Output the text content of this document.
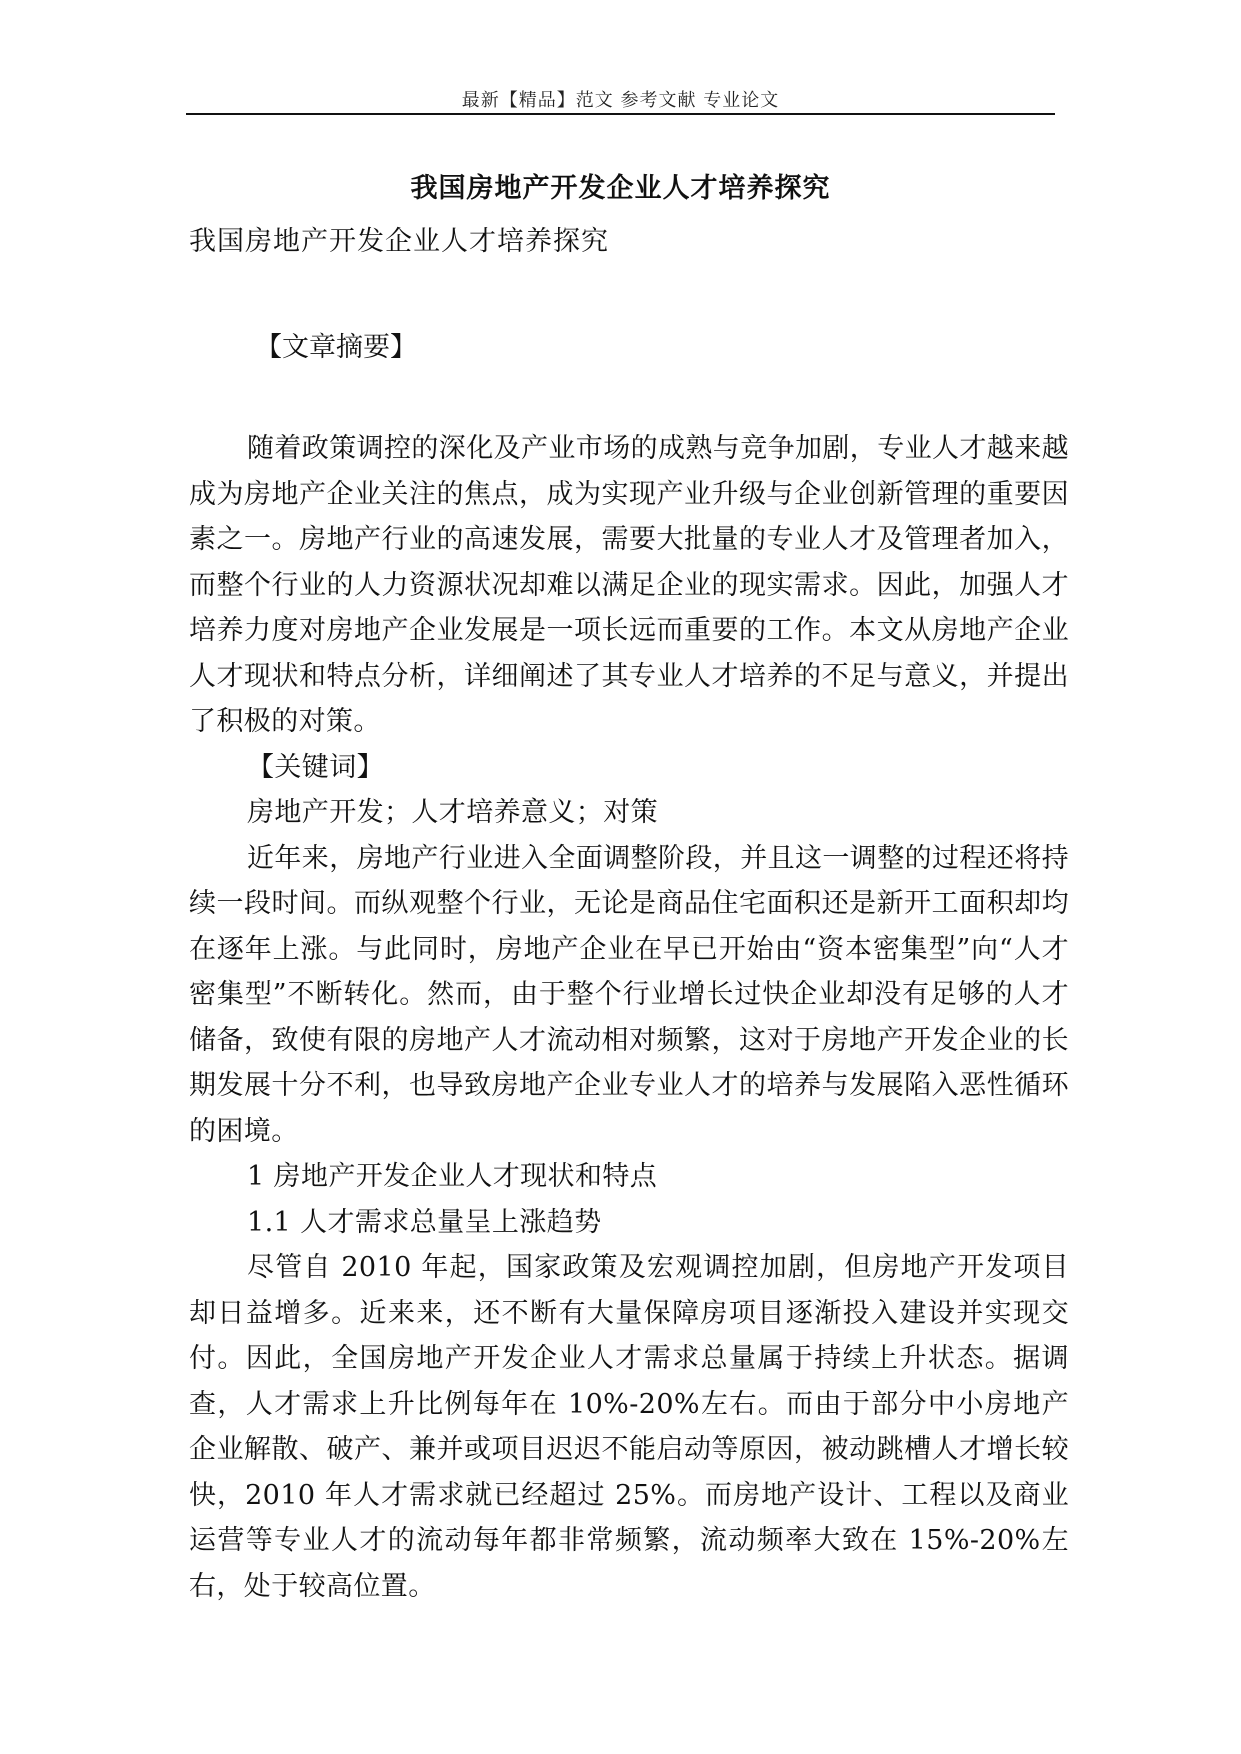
最新【精品】范文 参考文献 专业论文
我国房地产开发企业人才培养探究

我国房地产开发企业人才培养探究

【文章摘要】

随着政策调控的深化及产业市场的成熟与竞争加剧，专业人才越来越成为房地产企业关注的焦点，成为实现产业升级与企业创新管理的重要因素之一。房地产行业的高速发展，需要大批量的专业人才及管理者加入，而整个行业的人力资源状况却难以满足企业的现实需求。因此，加强人才培养力度对房地产企业发展是一项长远而重要的工作。本文从房地产企业人才现状和特点分析，详细阐述了其专业人才培养的不足与意义，并提出了积极的对策。

【关键词】

房地产开发；人才培养意义；对策

近年来，房地产行业进入全面调整阶段，并且这一调整的过程还将持续一段时间。而纵观整个行业，无论是商品住宅面积还是新开工面积却均在逐年上涨。与此同时，房地产企业在早已开始由“资本密集型”向“人才密集型”不断转化。然而，由于整个行业增长过快企业却没有足够的人才储备，致使有限的房地产人才流动相对频繁，这对于房地产开发企业的长期发展十分不利，也导致房地产企业专业人才的培养与发展陷入恶性循环的困境。

1 房地产开发企业人才现状和特点

1.1 人才需求总量呈上涨趋势

尽管自 2010 年起，国家政策及宏观调控加剧，但房地产开发项目却日益增多。近来来，还不断有大量保障房项目逐渐投入建设并实现交付。因此，全国房地产开发企业人才需求总量属于持续上升状态。据调查，人才需求上升比例每年在 10%-20%左右。而由于部分中小房地产企业解散、破产、兼并或项目迟迟不能启动等原因，被动跳槽人才增长较快，2010 年人才需求就已经超过 25%。而房地产设计、工程以及商业运营等专业人才的流动每年都非常频繁，流动频率大致在 15%-20%左右，处于较高位置。
